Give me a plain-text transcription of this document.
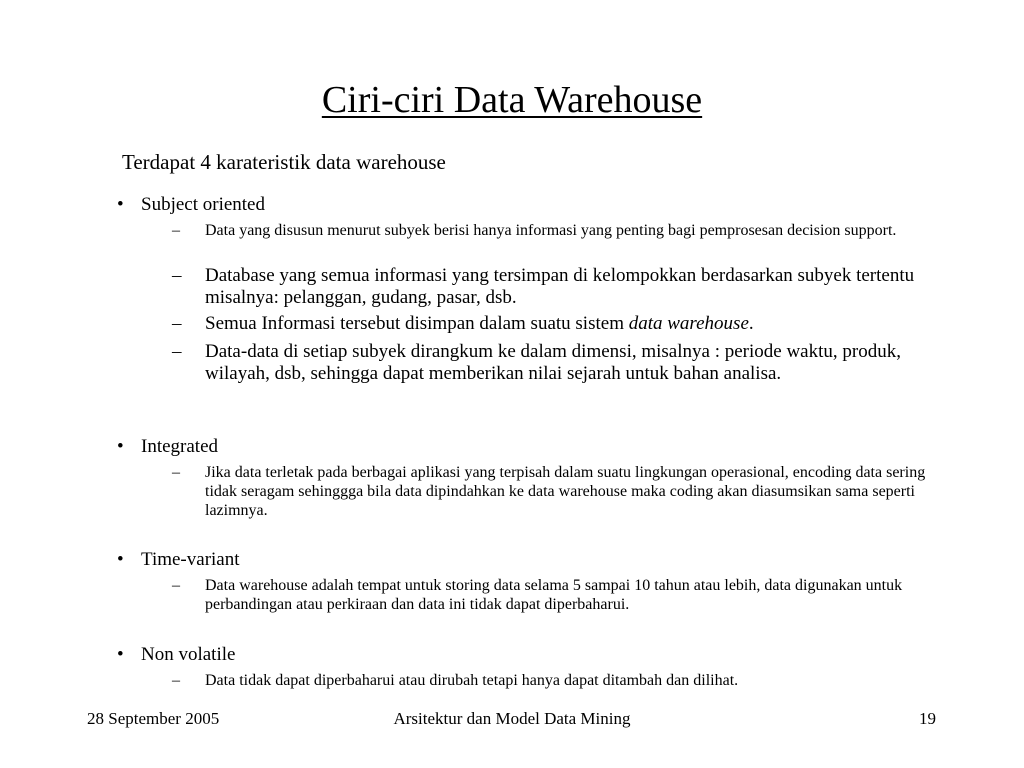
Ciri-ciri Data Warehouse
Terdapat 4 karateristik data warehouse
• Subject oriented
– Data yang disusun menurut subyek berisi hanya informasi yang penting bagi pemprosesan decision support.
– Database yang semua informasi yang tersimpan di kelompokkan berdasarkan subyek tertentu misalnya: pelanggan, gudang, pasar, dsb.
– Semua Informasi tersebut disimpan dalam suatu sistem data warehouse.
– Data-data di setiap subyek dirangkum ke dalam dimensi, misalnya : periode waktu, produk, wilayah, dsb, sehingga dapat memberikan nilai sejarah untuk bahan analisa.
• Integrated
– Jika data terletak pada berbagai aplikasi yang terpisah dalam suatu lingkungan operasional, encoding data sering tidak seragam sehinggga bila data dipindahkan ke data warehouse maka coding akan diasumsikan sama seperti lazimnya.
• Time-variant
– Data warehouse adalah tempat untuk storing data selama 5 sampai 10 tahun atau lebih, data digunakan untuk perbandingan atau perkiraan dan data ini tidak dapat diperbaharui.
• Non volatile
– Data tidak dapat diperbaharui atau dirubah tetapi hanya dapat ditambah dan dilihat.
28 September 2005	Arsitektur dan Model Data Mining	19
